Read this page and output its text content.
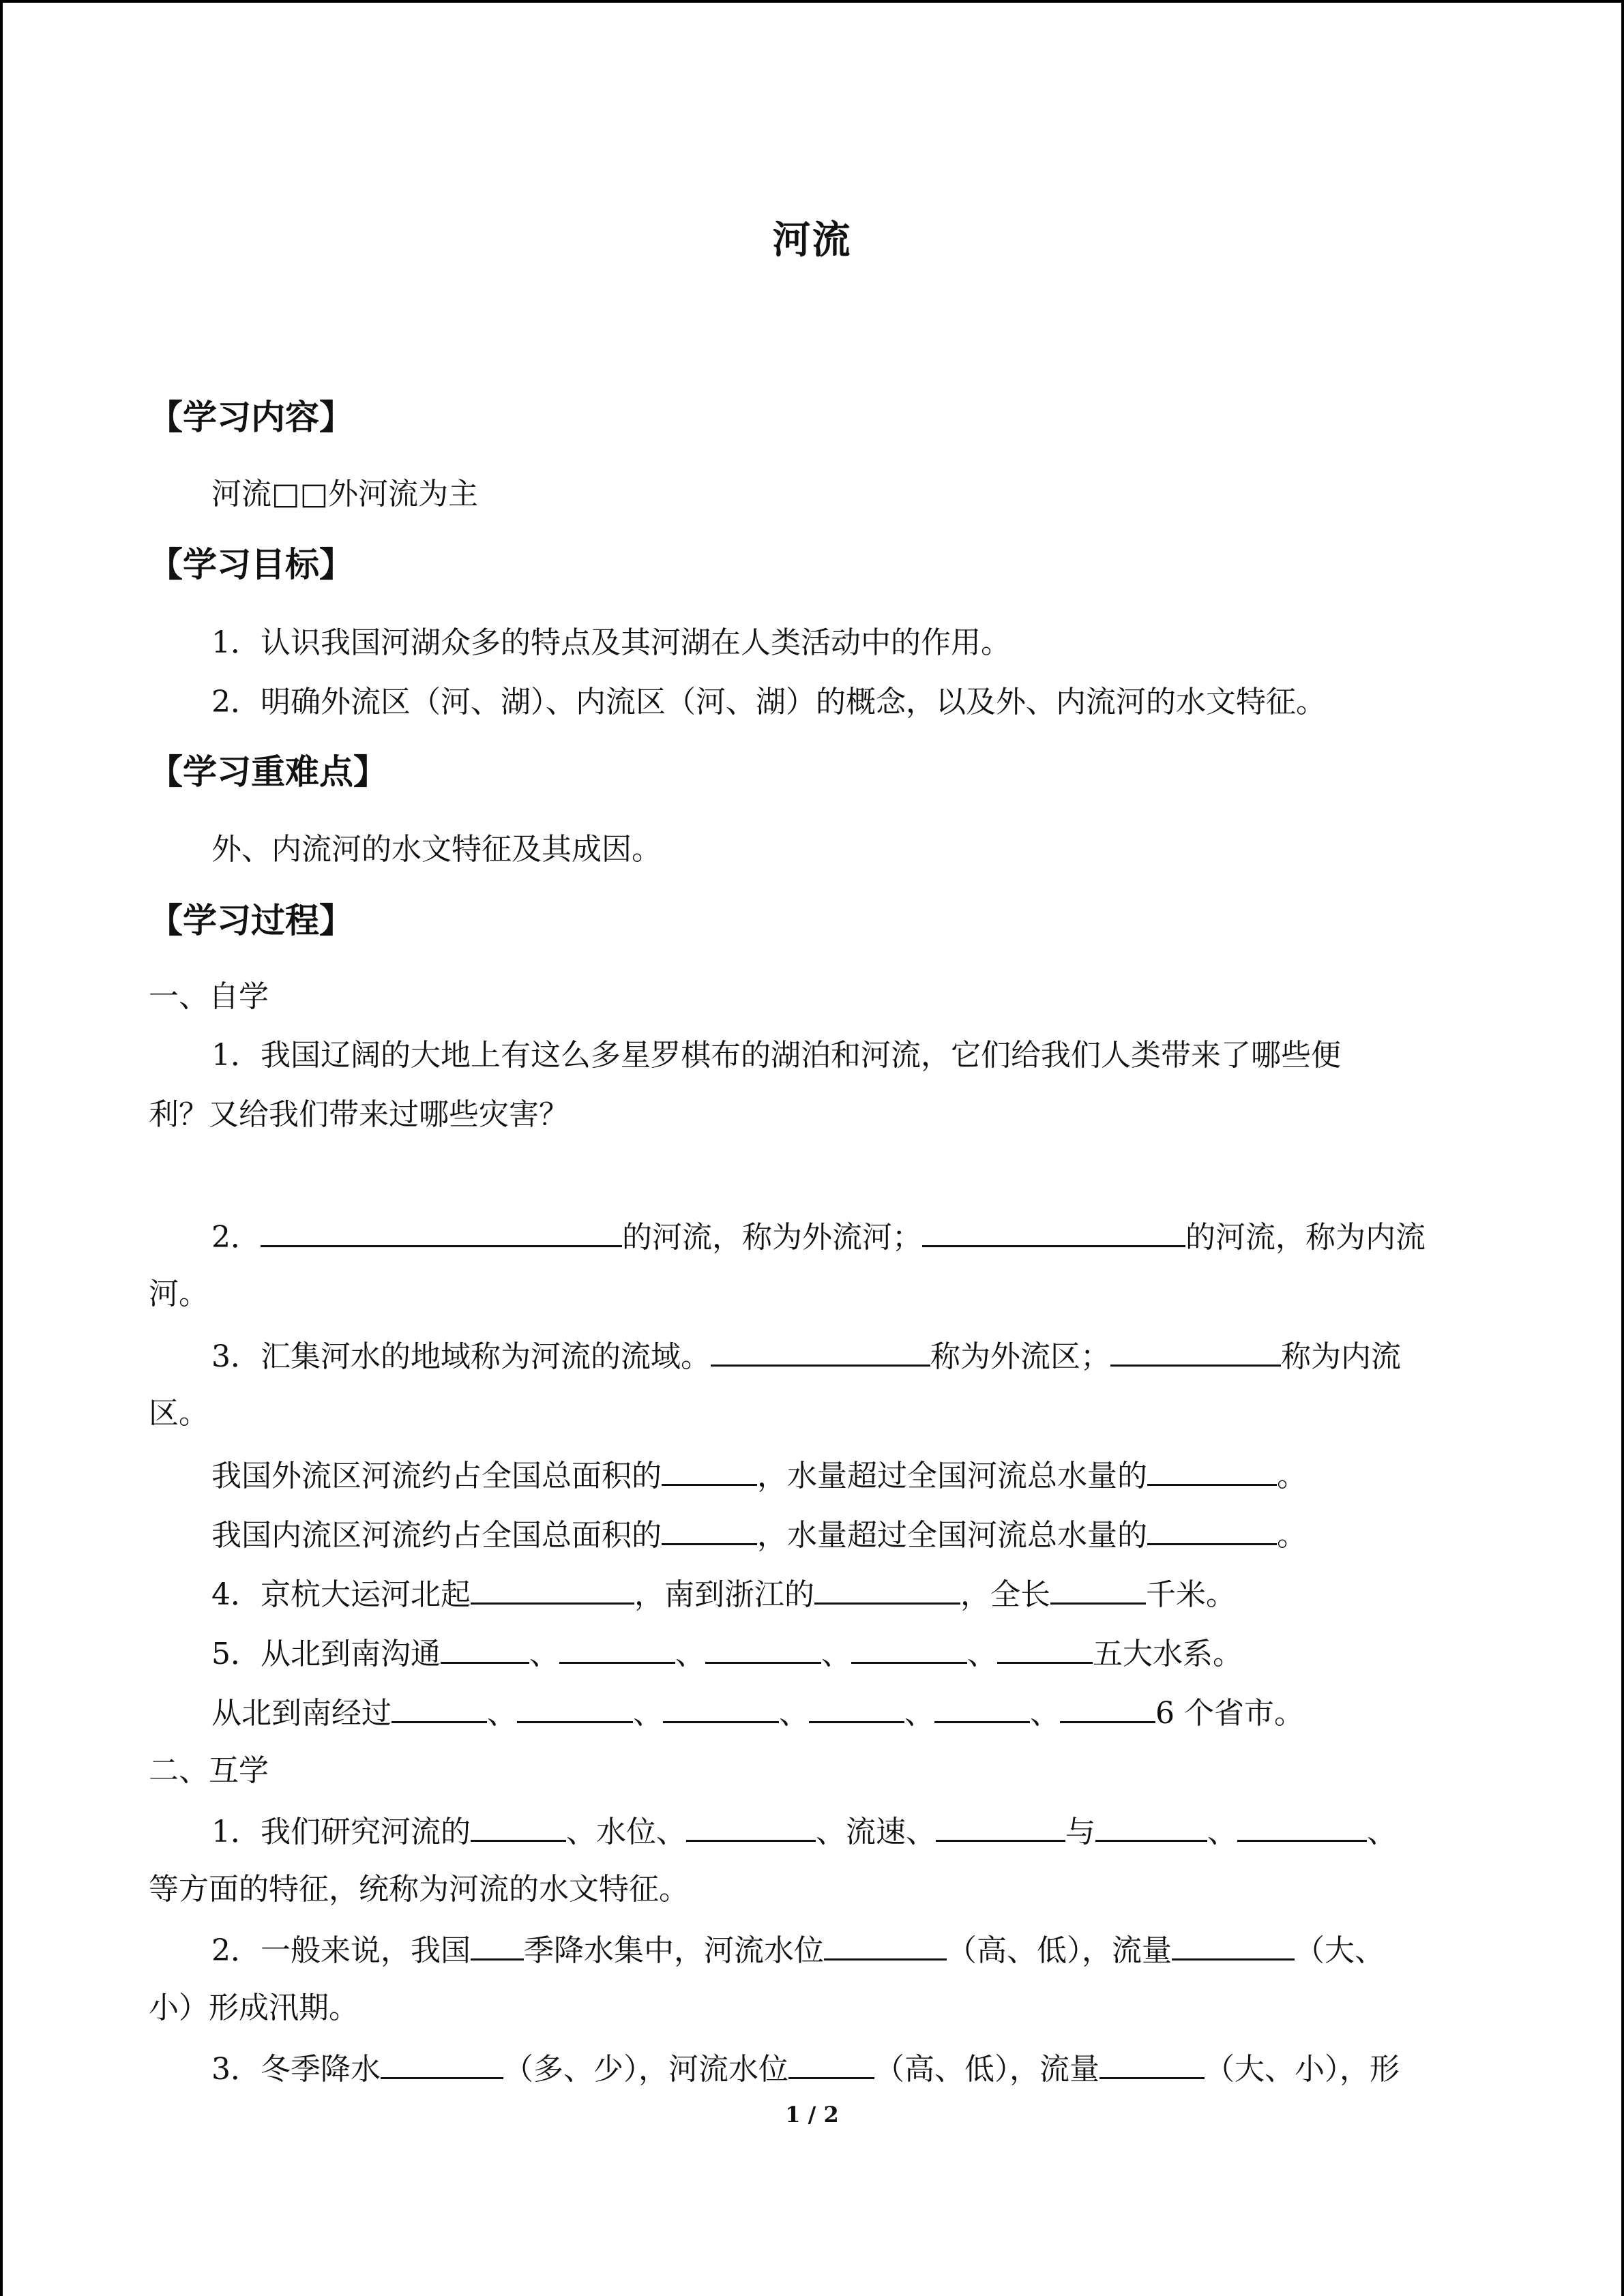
河流
【学习内容】
河流□□外河流为主
【学习目标】
1．认识我国河湖众多的特点及其河湖在人类活动中的作用。
2．明确外流区（河、湖）、内流区（河、湖）的概念，以及外、内流河的水文特征。
【学习重难点】
外、内流河的水文特征及其成因。
【学习过程】
一、自学
1．我国辽阔的大地上有这么多星罗棋布的湖泊和河流，它们给我们人类带来了哪些便
利？又给我们带来过哪些灾害？
2．	的河流，称为外流河；	的河流，称为内流
河。
3．汇集河水的地域称为河流的流域。	称为外流区；	称为内流
区。
我国外流区河流约占全国总面积的	，水量超过全国河流总水量的	。
我国内流区河流约占全国总面积的	，水量超过全国河流总水量的	。
4．京杭大运河北起	，南到浙江的	，全长	千米。
5．从北到南沟通	、	、	、	、	五大水系。
从北到南经过	、	、	、	、	、	6 个省市。
二、互学
1．我们研究河流的	、水位、	、流速、	与	、	、
等方面的特征，统称为河流的水文特征。
2．一般来说，我国 季降水集中，河流水位	（高、低），流量	（大、
小）形成汛期。
3．冬季降水	（多、少），河流水位	（高、低），流量	（大、小），形
1 / 2
